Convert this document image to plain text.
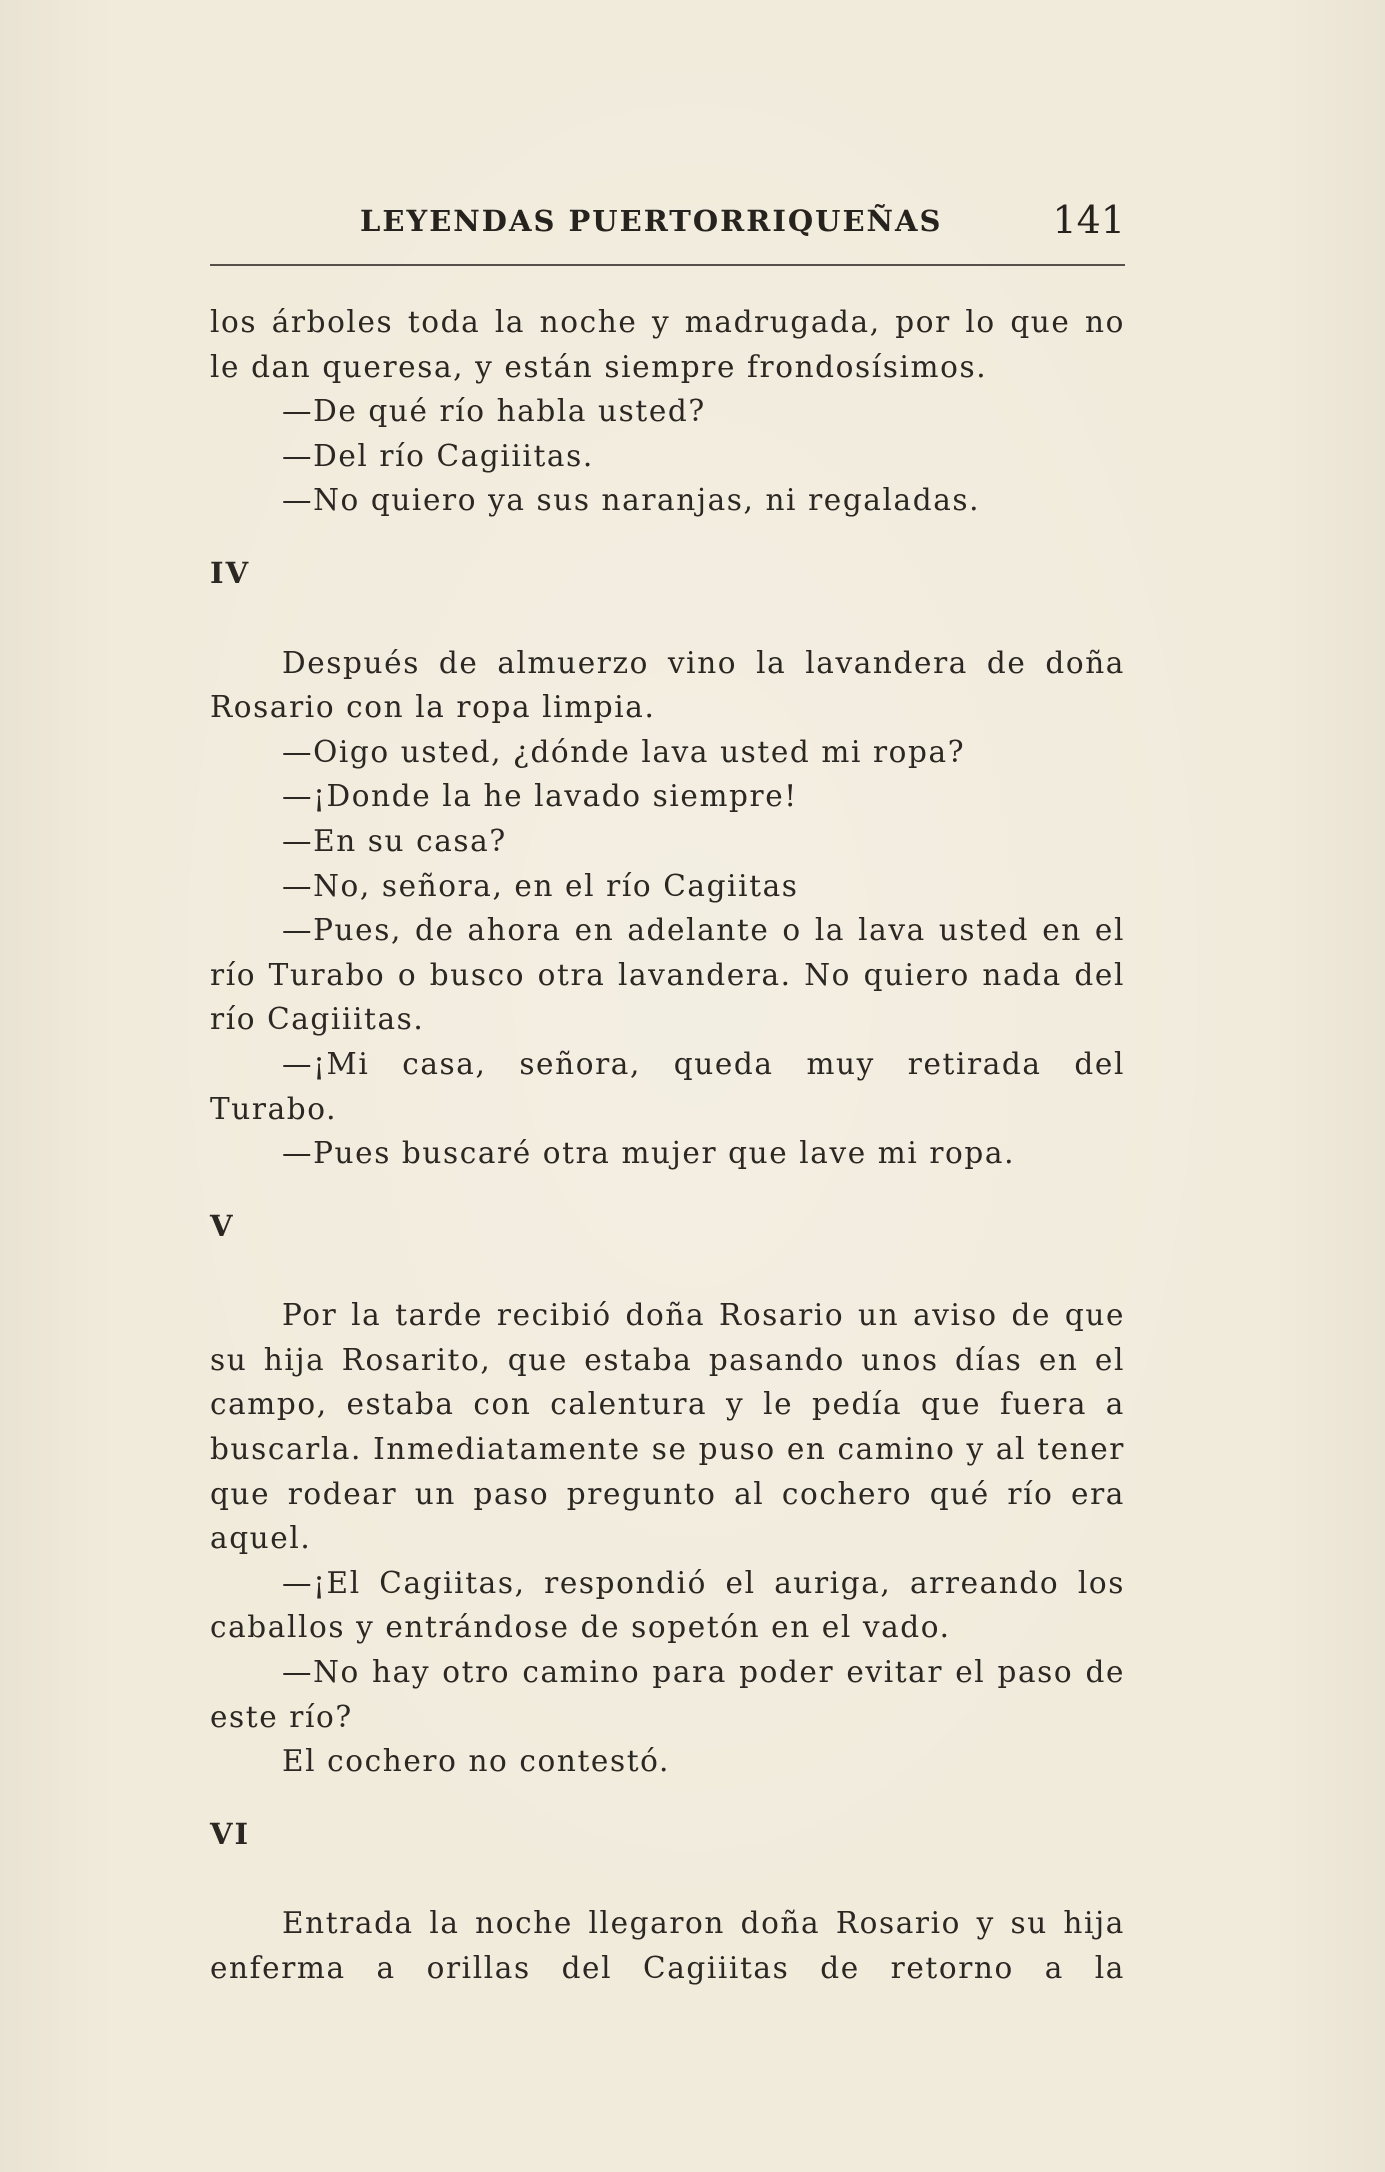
LEYENDAS PUERTORRIQUEÑAS	141

los árboles toda la noche y madrugada, por lo que no le dan queresa, y están siempre frondosísimos.

—De qué río habla usted?

—Del río Cagiiitas.

—No quiero ya sus naranjas, ni regaladas.

IV

Después de almuerzo vino la lavandera de doña Rosario con la ropa limpia.

—Oigo usted, ¿dónde lava usted mi ropa?

—¡Donde la he lavado siempre!

—En su casa?

—No, señora, en el río Cagiitas

—Pues, de ahora en adelante o la lava usted en el río Turabo o busco otra lavandera. No quiero nada del río Cagiiitas.

—¡Mi casa, señora, queda muy retirada del Turabo.

—Pues buscaré otra mujer que lave mi ropa.

V

Por la tarde recibió doña Rosario un aviso de que su hija Rosarito, que estaba pasando unos días en el campo, estaba con calentura y le pedía que fuera a buscarla. Inmediatamente se puso en camino y al tener que rodear un paso pregunto al cochero qué río era aquel.

—¡El Cagiitas, respondió el auriga, arreando los caballos y entrándose de sopetón en el vado.

—No hay otro camino para poder evitar el paso de este río?

El cochero no contestó.

VI

Entrada la noche llegaron doña Rosario y su hija enferma a orillas del Cagiiitas de retorno a la
